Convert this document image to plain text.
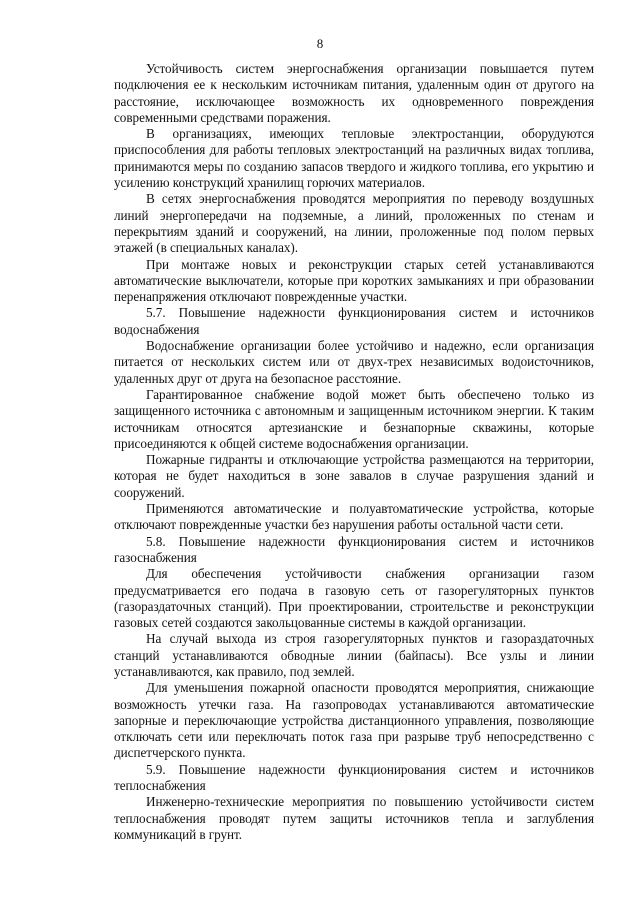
8

Устойчивость систем энергоснабжения организации повышается путем подключения ее к нескольким источникам питания, удаленным один от другого на расстояние, исключающее возможность их одновременного повреждения современными средствами поражения.

В организациях, имеющих тепловые электростанции, оборудуются приспособления для работы тепловых электростанций на различных видах топлива, принимаются меры по созданию запасов твердого и жидкого топлива, его укрытию и усилению конструкций хранилищ горючих материалов.

В сетях энергоснабжения проводятся мероприятия по переводу воздушных линий энергопередачи на подземные, а линий, проложенных по стенам и перекрытиям зданий и сооружений, на линии, проложенные под полом первых этажей (в специальных каналах).

При монтаже новых и реконструкции старых сетей устанавливаются автоматические выключатели, которые при коротких замыканиях и при образовании перенапряжения отключают поврежденные участки.

5.7. Повышение надежности функционирования систем и источников водоснабжения

Водоснабжение организации более устойчиво и надежно, если организация питается от нескольких систем или от двух-трех независимых водоисточников, удаленных друг от друга на безопасное расстояние.

Гарантированное снабжение водой может быть обеспечено только из защищенного источника с автономным и защищенным источником энергии. К таким источникам относятся артезианские и безнапорные скважины, которые присоединяются к общей системе водоснабжения организации.

Пожарные гидранты и отключающие устройства размещаются на территории, которая не будет находиться в зоне завалов в случае разрушения зданий и сооружений.

Применяются автоматические и полуавтоматические устройства, которые отключают поврежденные участки без нарушения работы остальной части сети.

5.8. Повышение надежности функционирования систем и источников газоснабжения

Для обеспечения устойчивости снабжения организации газом предусматривается его подача в газовую сеть от газорегуляторных пунктов (газораздаточных станций). При проектировании, строительстве и реконструкции газовых сетей создаются закольцованные системы в каждой организации.

На случай выхода из строя газорегуляторных пунктов и газораздаточных станций устанавливаются обводные линии (байпасы). Все узлы и линии устанавливаются, как правило, под землей.

Для уменьшения пожарной опасности проводятся мероприятия, снижающие возможность утечки газа. На газопроводах устанавливаются автоматические запорные и переключающие устройства дистанционного управления, позволяющие отключать сети или переключать поток газа при разрыве труб непосредственно с диспетчерского пункта.

5.9. Повышение надежности функционирования систем и источников теплоснабжения

Инженерно-технические мероприятия по повышению устойчивости систем теплоснабжения проводят путем защиты источников тепла и заглубления коммуникаций в грунт.
